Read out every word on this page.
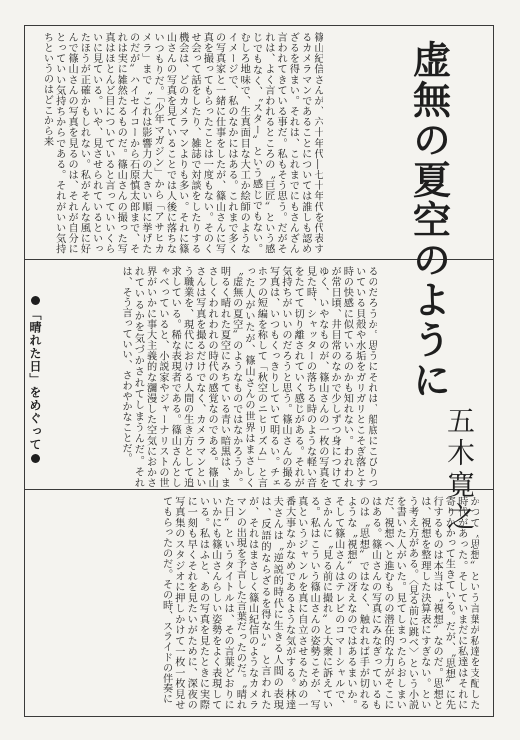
虚無の夏空のように
五木寛之
篠山紀信さんが、六十年代―七十年代を代表するカメラマンであることについては誰しも認めざるを得まい。それは、これまでにもさんざん言われてきている事だ。私もそう思う。だがそれは、よく言われるところの〝巨匠〟という感じでもなく、〝スター〟という感じでもない。むしろ地味で、生真面目な大工か絵師のようなイメージで、私のなかにはある。これまで多くの写真家と一緒に仕事をしたが、篠山さんに写真を撮ってもらったことは一度もない。そのくせ会って話をしたり、雑誌で対談をしたりする機会は、どのカメラマンよりも多い。それに篠山さんの写真を見ていることでは人後に落ちないつもりだ。「少年マガジン」から「アサヒカメラ」まで〝これは影響力の大きい順に挙げたのだが〟ハイセイコーから石原慎太郎まで、それは実に雑然たるものだ。篠山さんの撮った写真はほとんど目についていると言っていいくらいに見ている。いや、見させられているといったほうが正確かもしれない。私がそんな風に好んで篠山さんの写真を見るのは、それが自分にとっていい気持ちからである。それがいい気持ちというのはどこから来
るのだろうか。思うにそれは、船底にこびりついている貝殻や水垢をガリガリとこそぎ落とす時の快感に似ているのかも知れない。われわれが常日頃、井目常のなかで少しずつ身につけてゆく、いやなものが、篠山さんの一枚の写真を見た時、シャッターの落ちる時のような軽い音をたてて切り離されていく感じがある。それが気持ちがいいのだろうと思う。篠山さんの撮る写真は、いつもくっきりしていて明るい。チェホフの短編を称して「秋空のニヒリズム」と言った人がいたが、篠山さんの世界はまさしく〝虚無の夏空〟のようなものではなかろうか。明るく晴れた夏空にみちている青い暗黒は、まさしくわれわれの時代の感覚なのである。篠山さんは写真を撮るだけでなく、カメラマンという職業を、現代における人間の生き方として追求している。稀な表現者である。篠山さんとしゃべっていると、小説家やジャーナリストの世界がいかに事大主義的な瀰漫した空気におかされているかを気づかされてしまうんだ。それは、そう言っていい、さわやかなことだ。
かつて〝思想〟という言葉が私達を支配した時代があった。そしていまだに私達はそれに寄りかかって生きている。だが、〝思想〟に先行するものは本当は〝視想〟なのだ。思想とは、視想を整理した決算表にすぎない。という考え方がある。〈見る前に跳べ〉という小説を書いた人がいた。見てしまったらおしまいだ、視想へと進むものの潜在的な力がそこにはある。篠山さんの写真にみなぎっているものは〝思想〟ではなく、触れれば手が切れるような〝視想〟の冴えなのではあるまいか。そして篠山さんはテレビのコマーシャルで、さかんに〝見る前に撮れ〟と大衆に訴えている。私はこういう篠山さんの姿勢こそが、写真というジャンルを真に自立させるための一番大事なかなめであるような気がする。林達夫さんは〝逆説的時代に生きる人間の表現は、反語的ならざるを得ない〟と言われたが、それはまさしく篠山紀信のようなカメラマンの出現を予言した言葉だったのだ。〝晴れた日〟というタイトルは、その言葉どおりにいかにも篠山さんらしい姿勢をよく表現している。私はふと、あの写真を見たときに実際に一刻も早くそれを見たいがために、深夜の写真集のスタジオに押しかけて一枚一枚見せてもらったのだ。その時、スライドの伴奏に
「晴れた日」をめぐって
